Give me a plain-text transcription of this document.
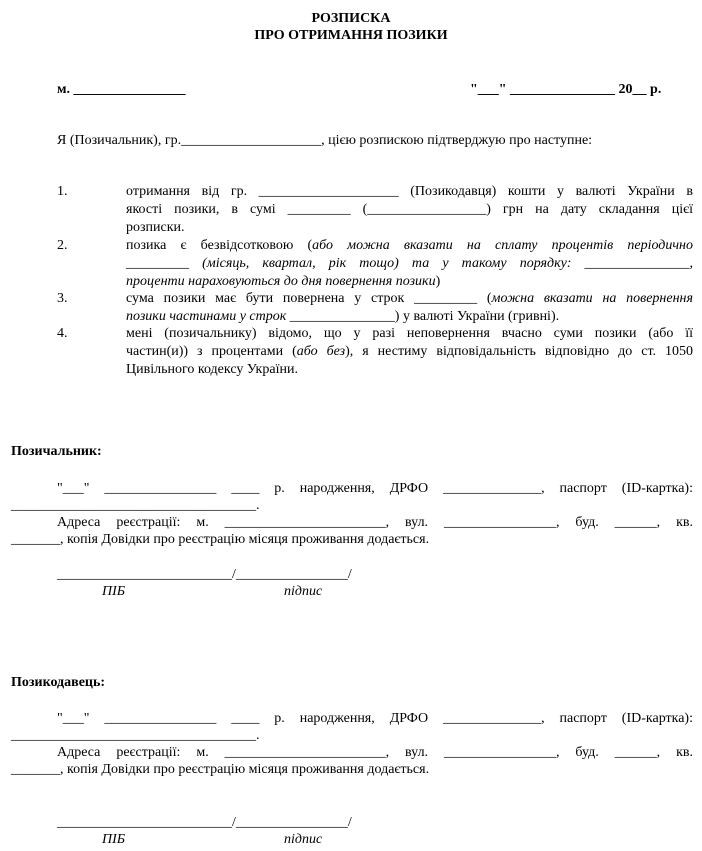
РОЗПИСКА
ПРО ОТРИМАННЯ ПОЗИКИ
м. ________________	"___" _______________ 20__ р.
Я (Позичальник), гр.____________________, цією розпискою підтверджую про наступне:
1.	отримання від гр. ____________________ (Позикодавця) кошти у валюті України в
якості позики, в сумі _________ (_________________) грн на дату складання цієї
розписки.
2.	позика є безвідсотковою (або можна вказати на сплату процентів періодично
_________ (місяць, квартал, рік тощо) та у такому порядку: _______________,
проценти нараховуються до дня повернення позики)
3.	сума позики має бути повернена у строк _________ (можна вказати на повернення
позики частинами у строк _______________) у валюті України (гривні).
4.	мені (позичальнику) відомо, що у разі неповернення вчасно суми позики (або її
частин(и)) з процентами (або без), я нестиму відповідальність відповідно до ст. 1050
Цивільного кодексу України.
Позичальник:
"___" ________________ ____ р. народження, ДРФО ______________, паспорт (ID-картка):
___________________________________.
Адреса реєстрації: м. _______________________, вул. ________________, буд. ______, кв.
_______, копія Довідки про реєстрацію місяця проживання додається.
_________________________/________________/
ПІБ	підпис
Позикодавець:
"___" ________________ ____ р. народження, ДРФО ______________, паспорт (ID-картка):
___________________________________.
Адреса реєстрації: м. _______________________, вул. ________________, буд. ______, кв.
_______, копія Довідки про реєстрацію місяця проживання додається.
_________________________/________________/
ПІБ	підпис
